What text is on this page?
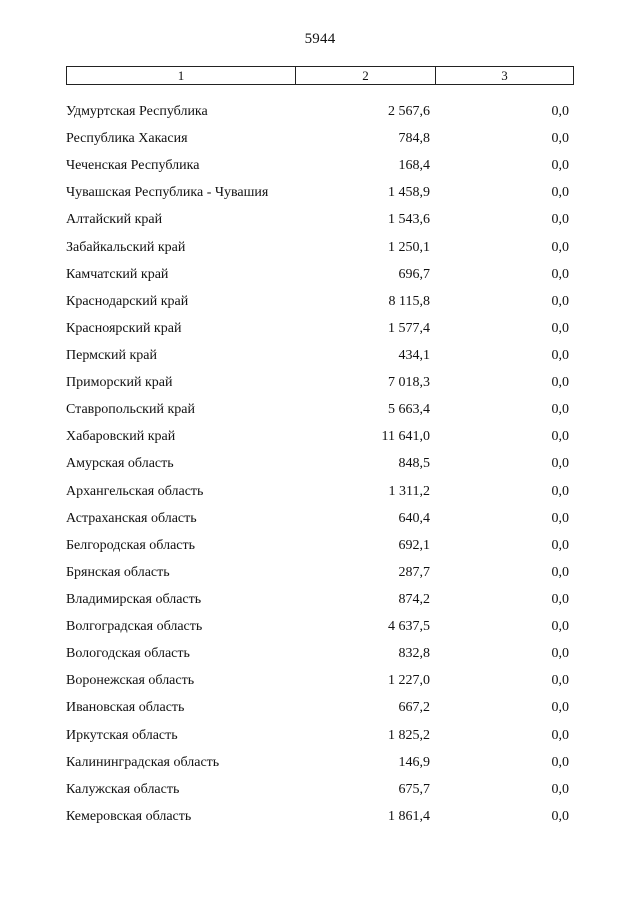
5944
1	2	3
Удмуртская Республика	2 567,6	0,0
Республика Хакасия	784,8	0,0
Чеченская Республика	168,4	0,0
Чувашская Республика - Чувашия	1 458,9	0,0
Алтайский край	1 543,6	0,0
Забайкальский край	1 250,1	0,0
Камчатский край	696,7	0,0
Краснодарский край	8 115,8	0,0
Красноярский край	1 577,4	0,0
Пермский край	434,1	0,0
Приморский край	7 018,3	0,0
Ставропольский край	5 663,4	0,0
Хабаровский край	11 641,0	0,0
Амурская область	848,5	0,0
Архангельская область	1 311,2	0,0
Астраханская область	640,4	0,0
Белгородская область	692,1	0,0
Брянская область	287,7	0,0
Владимирская область	874,2	0,0
Волгоградская область	4 637,5	0,0
Вологодская область	832,8	0,0
Воронежская область	1 227,0	0,0
Ивановская область	667,2	0,0
Иркутская область	1 825,2	0,0
Калининградская область	146,9	0,0
Калужская область	675,7	0,0
Кемеровская область	1 861,4	0,0
